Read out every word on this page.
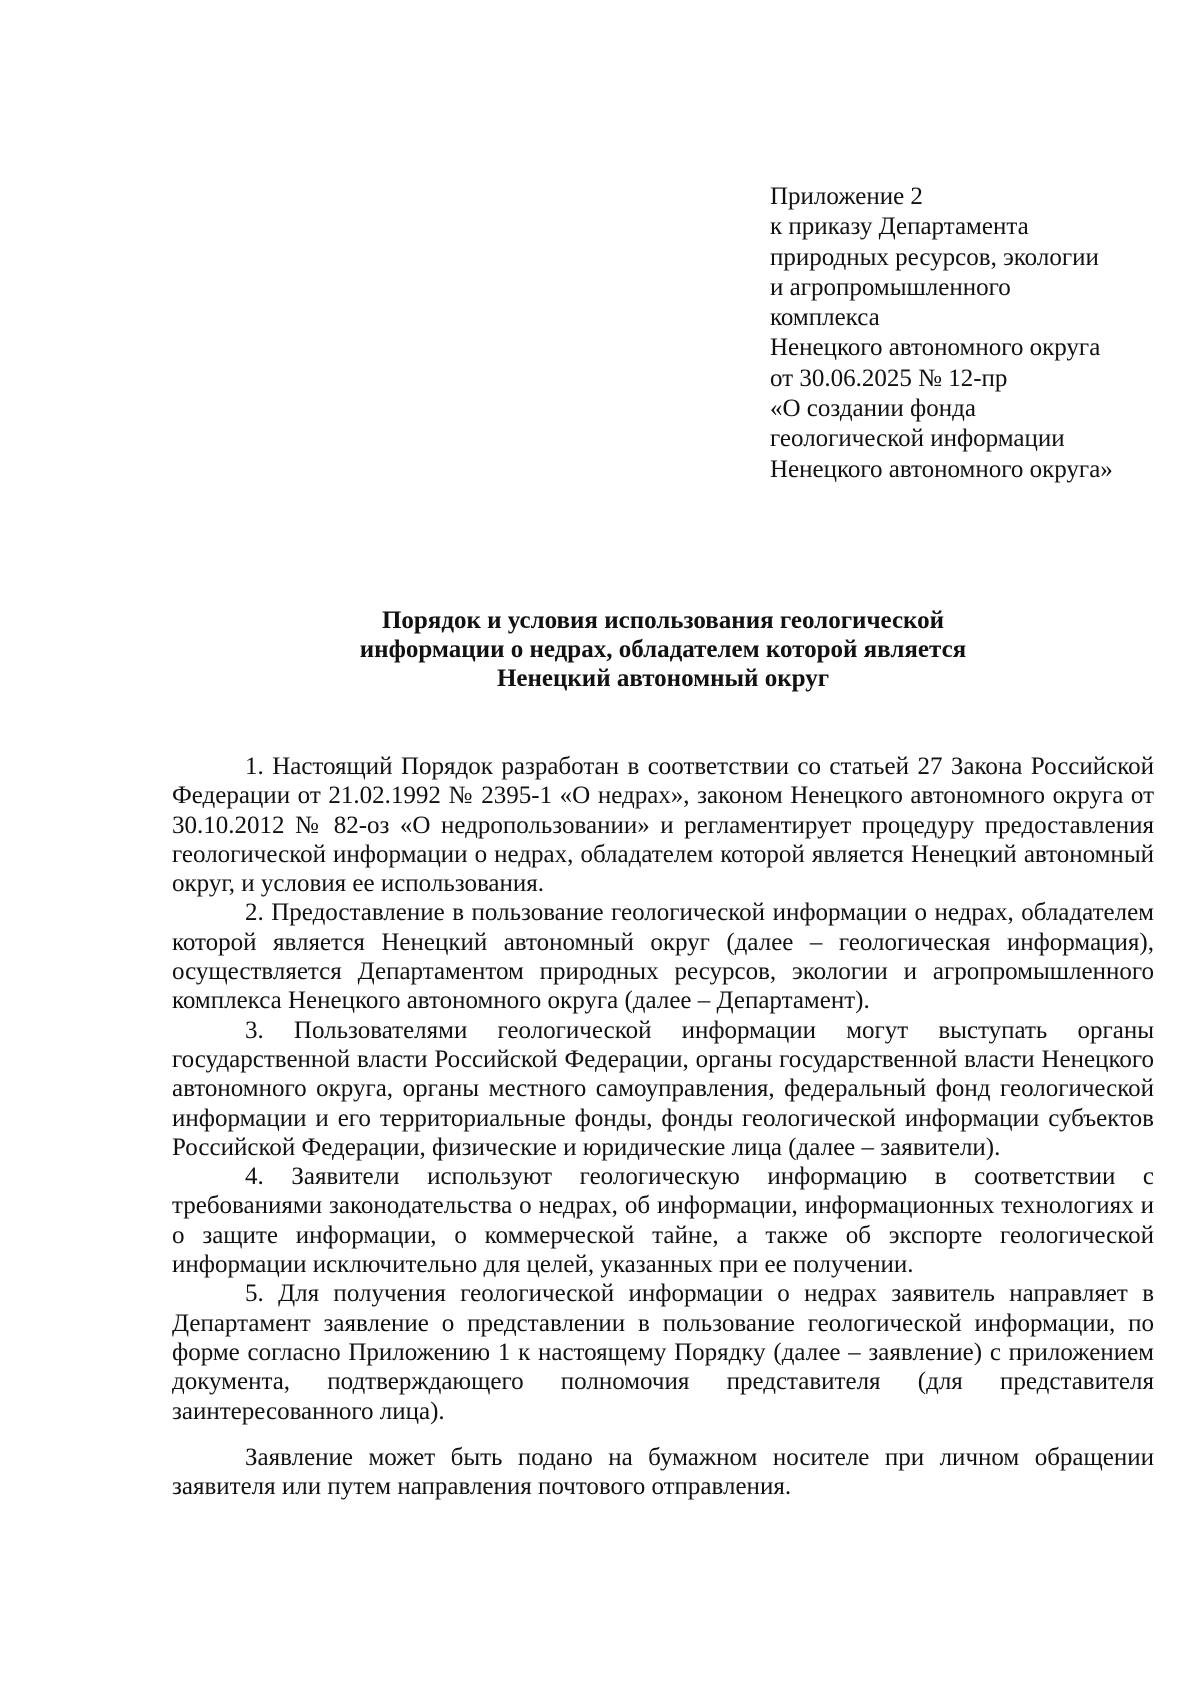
Приложение 2
к приказу Департамента
природных ресурсов, экологии
и агропромышленного
комплекса
Ненецкого автономного округа
от 30.06.2025 № 12-пр
«О создании фонда
геологической информации
Ненецкого автономного округа»
Порядок и условия использования геологической
информации о недрах, обладателем которой является
Ненецкий автономный округ

1. Настоящий Порядок разработан в соответствии со статьей 27 Закона Российской Федерации от 21.02.1992 № 2395-1 «О недрах», законом Ненецкого автономного округа от 30.10.2012 № 82-оз «О недропользовании» и регламентирует процедуру предоставления геологической информации о недрах, обладателем которой является Ненецкий автономный округ, и условия ее использования.

2. Предоставление в пользование геологической информации о недрах, обладателем которой является Ненецкий автономный округ (далее – геологическая информация), осуществляется Департаментом природных ресурсов, экологии и агропромышленного комплекса Ненецкого автономного округа (далее – Департамент).

3. Пользователями геологической информации могут выступать органы государственной власти Российской Федерации, органы государственной власти Ненецкого автономного округа, органы местного самоуправления, федеральный фонд геологической информации и его территориальные фонды, фонды геологической информации субъектов Российской Федерации, физические и юридические лица (далее – заявители).

4. Заявители используют геологическую информацию в соответствии с требованиями законодательства о недрах, об информации, информационных технологиях и о защите информации, о коммерческой тайне, а также об экспорте геологической информации исключительно для целей, указанных при ее получении.

5. Для получения геологической информации о недрах заявитель направляет в Департамент заявление о представлении в пользование геологической информации, по форме согласно Приложению 1 к настоящему Порядку (далее – заявление) с приложением документа, подтверждающего полномочия представителя (для представителя заинтересованного лица).

Заявление может быть подано на бумажном носителе при личном обращении заявителя или путем направления почтового отправления.
